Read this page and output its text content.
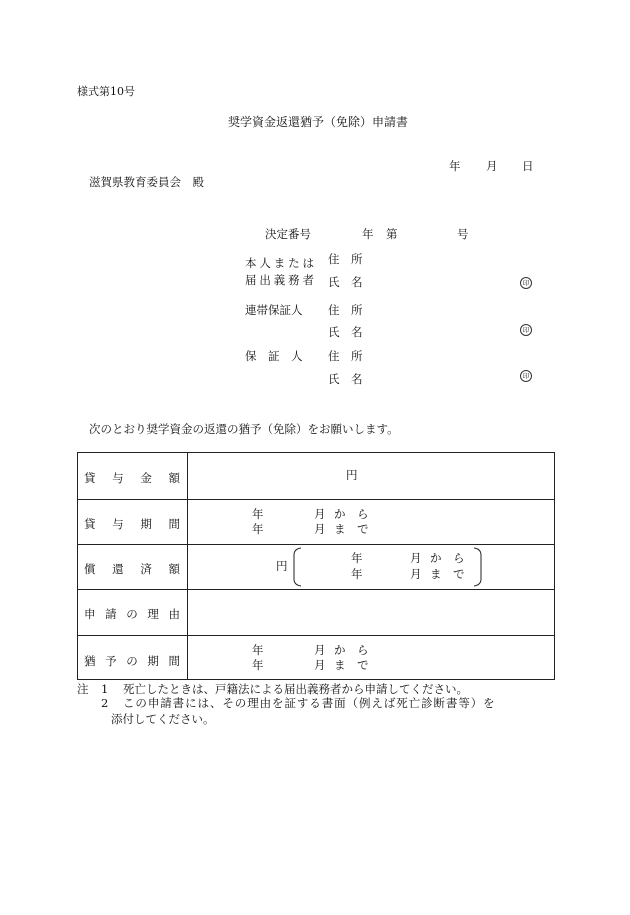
様式第10号
奨学資金返還猶予（免除）申請書
年 月 日
滋賀県教育委員会　殿
決定番号	年 第	号
本人または
届出義務者
住　所
氏　名	印
連帯保証人 住　所
氏　名	印
保　証　人 住　所
氏　名	印
次のとおり奨学資金の返還の猶予（免除）をお願いします。
貸 与 金 額	円
貸 与 期 間
年	月 か　ら
年	月 ま　で
償 還 済 額	円
年	月 か　ら
年	月 ま　で
申 請 の 理 由
猶 予 の 期 間
年	月 か　ら
年	月 ま　で
注 1 死亡したときは、戸籍法による届出義務者から申請してください。
2 この申請書には、その理由を証する書面（例えば死亡診断書等）を
添付してください。
